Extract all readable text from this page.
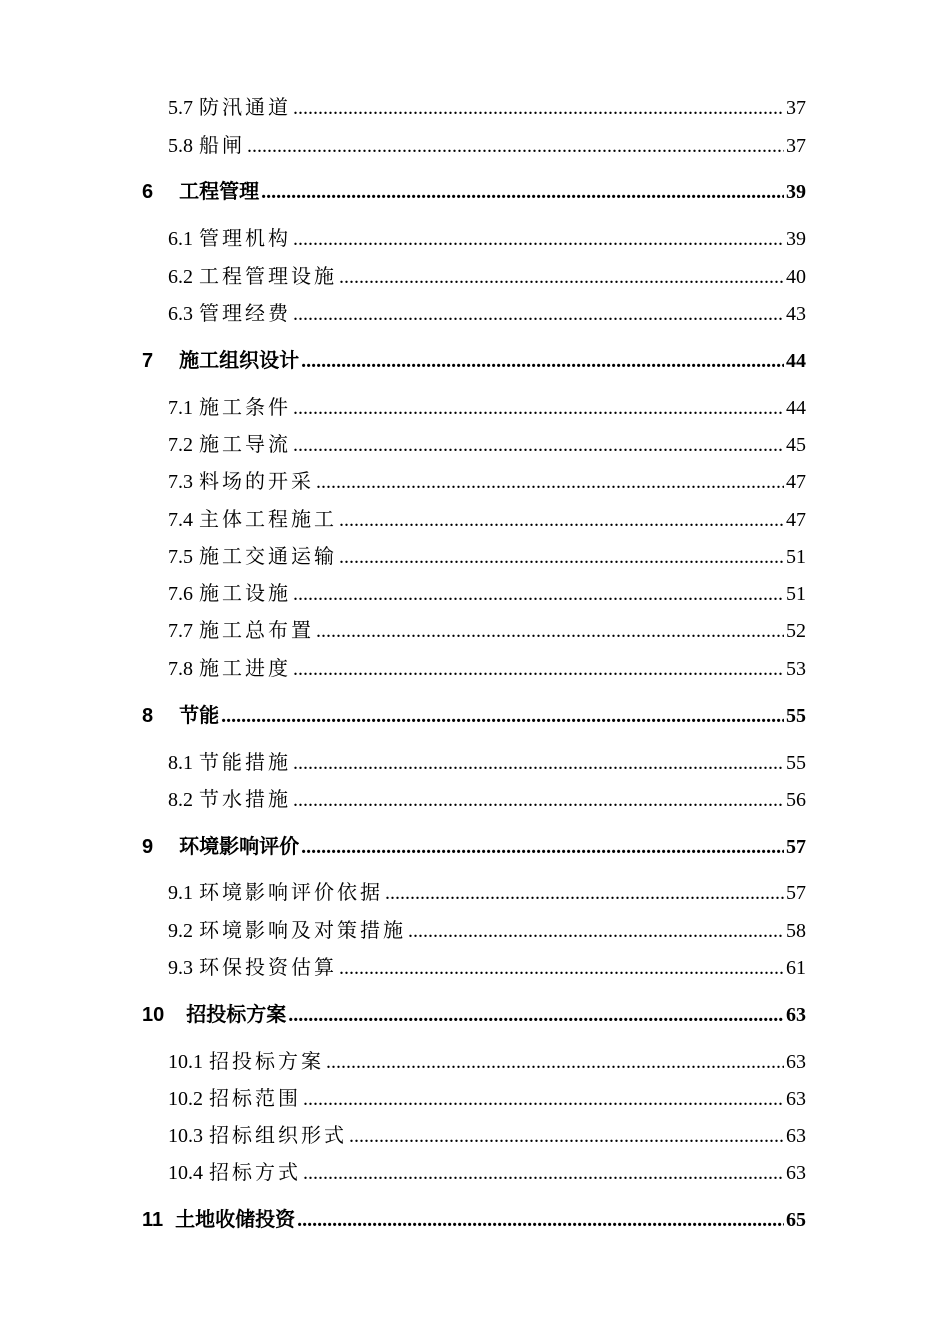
5.7 防汛通道 .....	37
5.8 船闸 .....	37
6 工程管理 .....	39
6.1 管理机构 .....	39
6.2 工程管理设施 .....	40
6.3 管理经费 .....	43
7 施工组织设计 .....	44
7.1 施工条件 .....	44
7.2 施工导流 .....	45
7.3 料场的开采 .....	47
7.4 主体工程施工 .....	47
7.5 施工交通运输 .....	51
7.6 施工设施 .....	51
7.7 施工总布置 .....	52
7.8 施工进度 .....	53
8 节能 .....	55
8.1 节能措施 .....	55
8.2 节水措施 .....	56
9 环境影响评价 .....	57
9.1 环境影响评价依据 .....	57
9.2 环境影响及对策措施 .....	58
9.3 环保投资估算 .....	61
10 招投标方案 .....	63
10.1 招投标方案 .....	63
10.2 招标范围 .....	63
10.3 招标组织形式 .....	63
10.4 招标方式 .....	63
11 土地收储投资 .....	65
